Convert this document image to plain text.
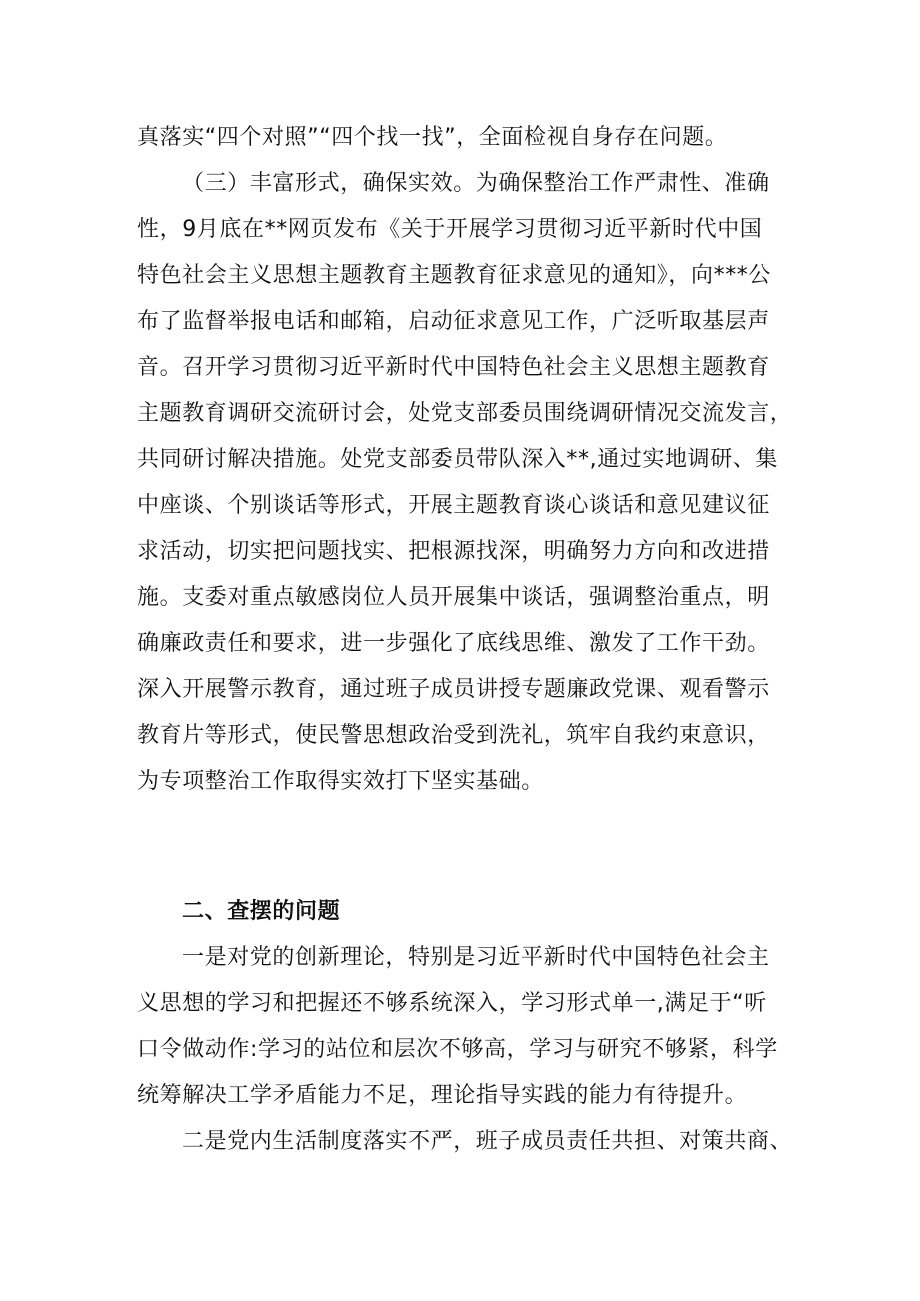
真落实“四个对照”“四个找一找”，全面检视自身存在问题。
（三）丰富形式，确保实效。为确保整治工作严肃性、准确
性，9月底在**网页发布《关于开展学习贯彻习近平新时代中国
特色社会主义思想主题教育主题教育征求意见的通知》，向***公
布了监督举报电话和邮箱，启动征求意见工作，广泛听取基层声
音。召开学习贯彻习近平新时代中国特色社会主义思想主题教育
主题教育调研交流研讨会，处党支部委员围绕调研情况交流发言，
共同研讨解决措施。处党支部委员带队深入**,通过实地调研、集
中座谈、个别谈话等形式，开展主题教育谈心谈话和意见建议征
求活动，切实把问题找实、把根源找深，明确努力方向和改进措
施。支委对重点敏感岗位人员开展集中谈话，强调整治重点，明
确廉政责任和要求，进一步强化了底线思维、激发了工作干劲。
深入开展警示教育，通过班子成员讲授专题廉政党课、观看警示
教育片等形式，使民警思想政治受到洗礼，筑牢自我约束意识，
为专项整治工作取得实效打下坚实基础。
二、查摆的问题
一是对党的创新理论，特别是习近平新时代中国特色社会主
义思想的学习和把握还不够系统深入，学习形式单一,满足于“听
口令做动作:学习的站位和层次不够高，学习与研究不够紧，科学
统筹解决工学矛盾能力不足，理论指导实践的能力有待提升。
二是党内生活制度落实不严，班子成员责任共担、对策共商、
